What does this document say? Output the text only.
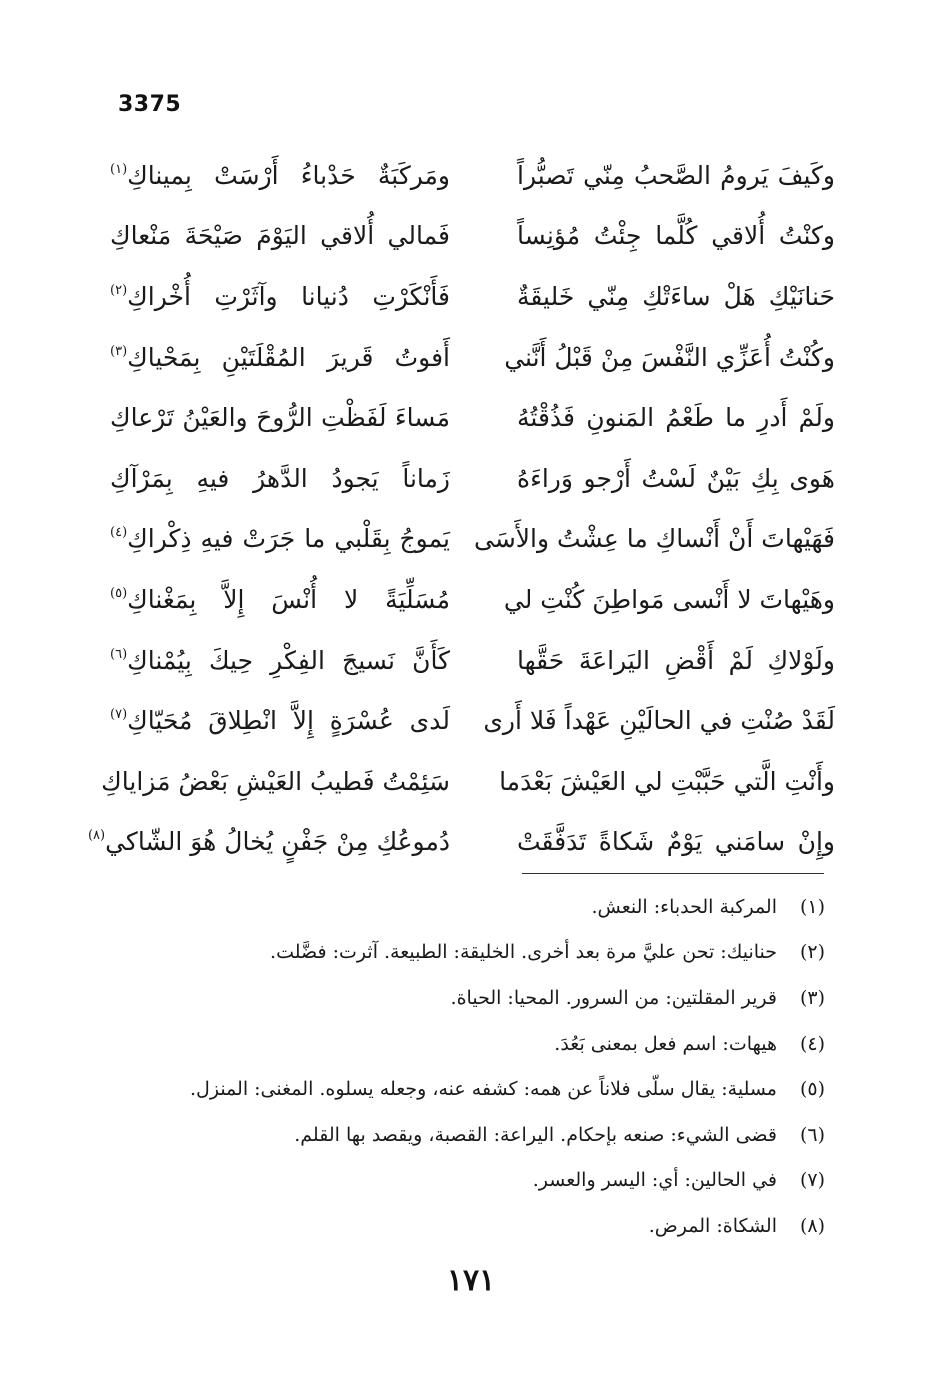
3375
وكَيفَ يَرومُ الصَّحبُ مِنّي تَصبُّراً
ومَركَبَةٌ حَدْباءُ أَرْسَتْ بِميناكِ$^{(١)}$
وكنْتُ أُلاقي كُلَّما جِئْتُ مُؤنِساً
فَمالي أُلاقي اليَوْمَ صَيْحَةَ مَنْعاكِ
حَنانَيْكِ هَلْ ساءَتْكِ مِنّي خَليقَةٌ
فَأَنْكَرْتِ دُنيانا وآثَرْتِ أُخْراكِ$^{(٢)}$
وكُنْتُ أُعَزِّي النَّفْسَ مِنْ قَبْلُ أَنَّني
أَفوتُ قَريرَ المُقْلَتَيْنِ بِمَحْياكِ$^{(٣)}$
ولَمْ أَدرِ ما طَعْمُ المَنونِ فَذُقْتُهُ
مَساءَ لَفَظْتِ الرُّوحَ والعَيْنُ تَرْعاكِ
هَوى بِكِ بَيْنٌ لَسْتُ أَرْجو وَراءَهُ
زَماناً يَجودُ الدَّهرُ فيهِ بِمَرْآكِ
فَهَيْهاتَ أَنْ أَنْساكِ ما عِشْتُ والأَسَى
يَموجُ بِقَلْبي ما جَرَتْ فيهِ ذِكْراكِ$^{(٤)}$
وهَيْهاتَ لا أَنْسى مَواطِنَ كُنْتِ لي
مُسَلِّيَةً لا أُنْسَ إِلاَّ بِمَغْناكِ$^{(٥)}$
ولَوْلاكِ لَمْ أَقْضِ اليَراعَةَ حَقَّها
كَأَنَّ نَسيجَ الفِكْرِ حِيكَ بِيُمْناكِ$^{(٦)}$
لَقَدْ صُنْتِ في الحالَيْنِ عَهْداً فَلا أَرى
لَدى عُسْرَةٍ إِلاَّ انْطِلاقَ مُحَيّاكِ$^{(٧)}$
وأَنْتِ الَّتي حَبَّبْتِ لي العَيْشَ بَعْدَما
سَئِمْتُ فَطيبُ العَيْشِ بَعْضُ مَزاياكِ
وإِنْ سامَني يَوْمٌ شَكاةً تَدَفَّقَتْ
دُموعُكِ مِنْ جَفْنٍ يُخالُ هُوَ الشّاكي$^{(٨)}$
(١)
المركبة الحدباء: النعش.
(٢)
حنانيك: تحن عليَّ مرة بعد أخرى. الخليقة: الطبيعة. آثرت: فضَّلت.
(٣)
قرير المقلتين: من السرور. المحيا: الحياة.
(٤)
هيهات: اسم فعل بمعنى بَعُدَ.
(٥)
مسلية: يقال سلّى فلاناً عن همه: كشفه عنه، وجعله يسلوه. المغنى: المنزل.
(٦)
قضى الشيء: صنعه بإحكام. اليراعة: القصبة، ويقصد بها القلم.
(٧)
في الحالين: أي: اليسر والعسر.
(٨)
الشكاة: المرض.
١٧١
